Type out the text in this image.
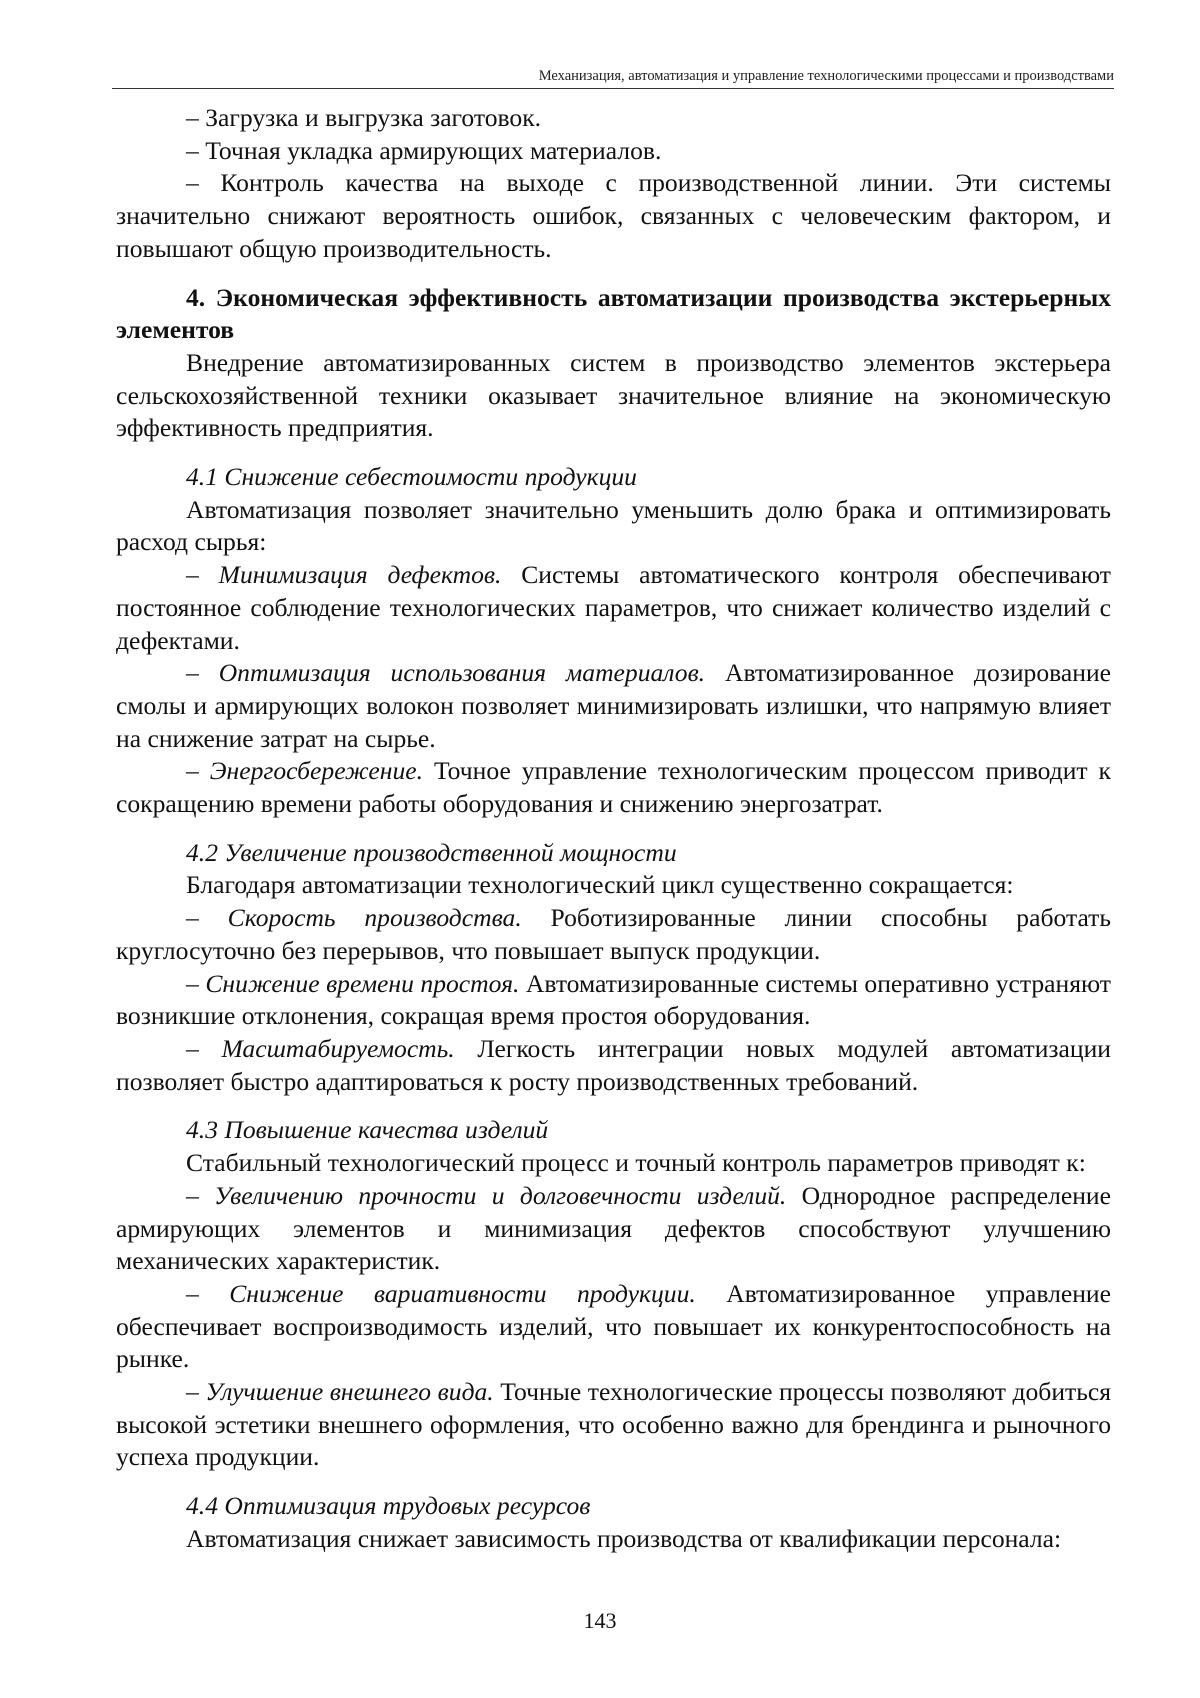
Механизация, автоматизация и управление технологическими процессами и производствами

– Загрузка и выгрузка заготовок.

– Точная укладка армирующих материалов.

– Контроль качества на выходе с производственной линии. Эти системы значительно снижают вероятность ошибок, связанных с человеческим фактором, и повышают общую производительность.

4. Экономическая эффективность автоматизации производства экстерьерных элементов

Внедрение автоматизированных систем в производство элементов экстерьера сельскохозяйственной техники оказывает значительное влияние на экономическую эффективность предприятия.

4.1 Снижение себестоимости продукции

Автоматизация позволяет значительно уменьшить долю брака и оптимизировать расход сырья:

– Минимизация дефектов. Системы автоматического контроля обеспечивают постоянное соблюдение технологических параметров, что снижает количество изделий с дефектами.

– Оптимизация использования материалов. Автоматизированное дозирование смолы и армирующих волокон позволяет минимизировать излишки, что напрямую влияет на снижение затрат на сырье.

– Энергосбережение. Точное управление технологическим процессом приводит к сокращению времени работы оборудования и снижению энергозатрат.

4.2 Увеличение производственной мощности

Благодаря автоматизации технологический цикл существенно сокращается:

– Скорость производства. Роботизированные линии способны работать круглосуточно без перерывов, что повышает выпуск продукции.

– Снижение времени простоя. Автоматизированные системы оперативно устраняют возникшие отклонения, сокращая время простоя оборудования.

– Масштабируемость. Легкость интеграции новых модулей автоматизации позволяет быстро адаптироваться к росту производственных требований.

4.3 Повышение качества изделий

Стабильный технологический процесс и точный контроль параметров приводят к:

– Увеличению прочности и долговечности изделий. Однородное распределение армирующих элементов и минимизация дефектов способствуют улучшению механических характеристик.

– Снижение вариативности продукции. Автоматизированное управление обеспечивает воспроизводимость изделий, что повышает их конкурентоспособность на рынке.

– Улучшение внешнего вида. Точные технологические процессы позволяют добиться высокой эстетики внешнего оформления, что особенно важно для брендинга и рыночного успеха продукции.

4.4 Оптимизация трудовых ресурсов

Автоматизация снижает зависимость производства от квалификации персонала:

143
